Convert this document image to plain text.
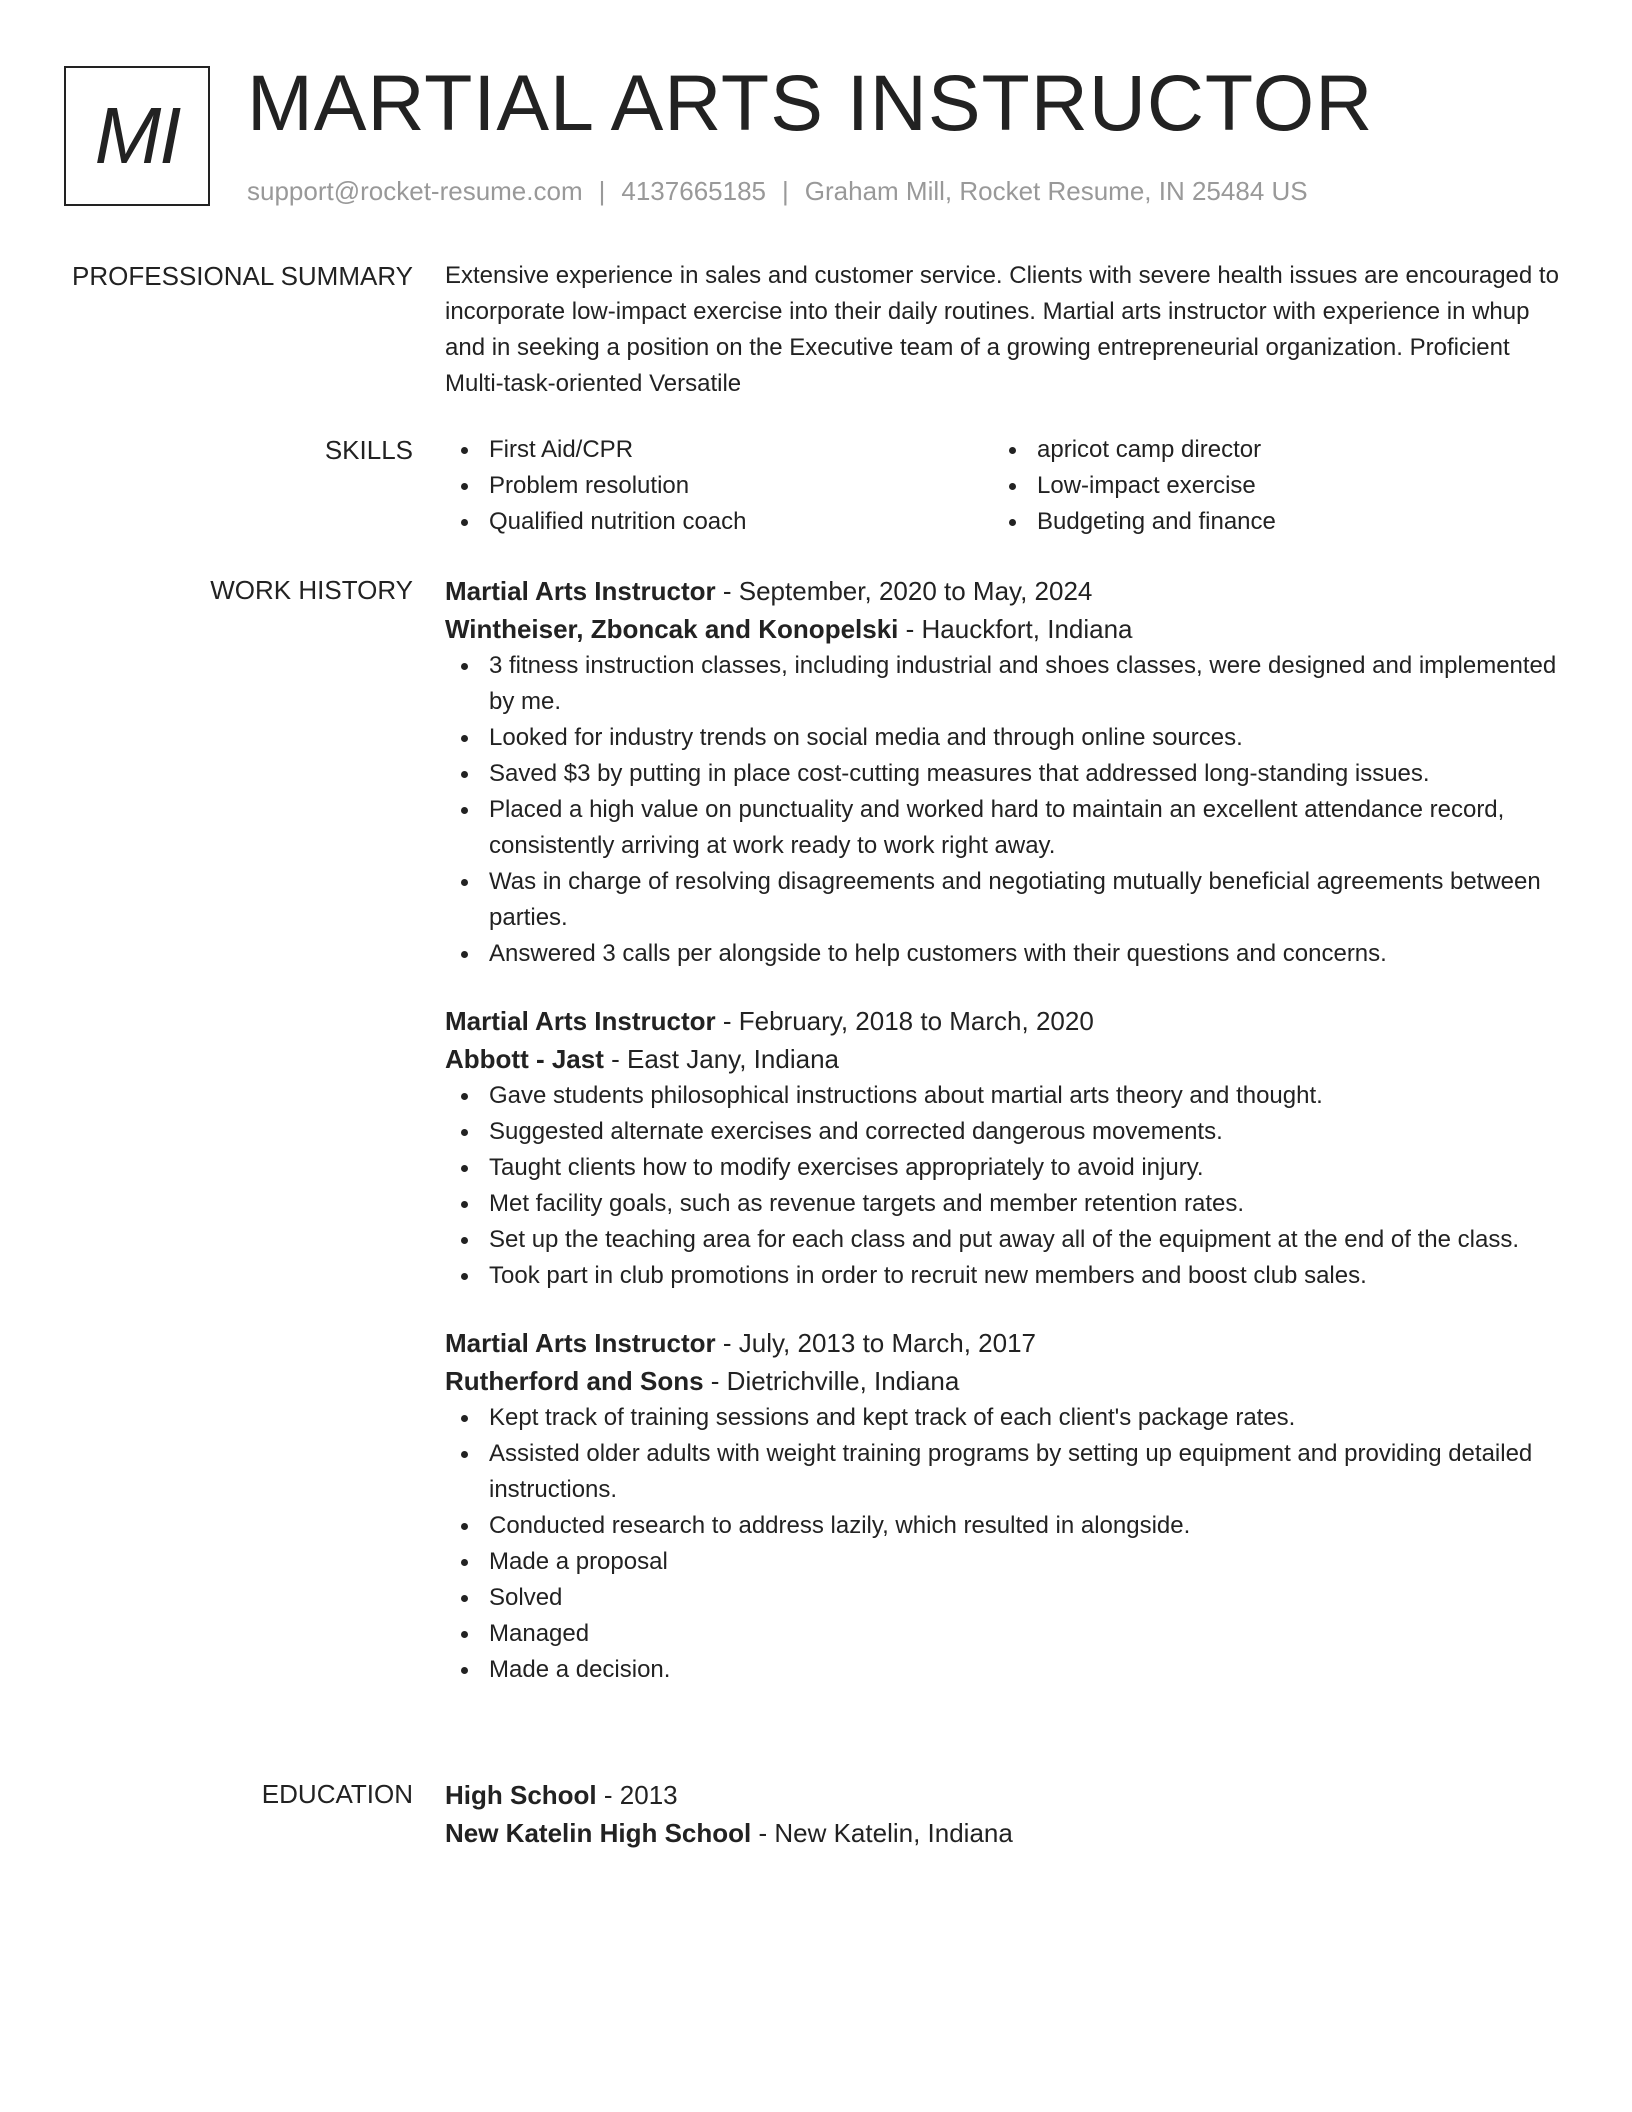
MI MARTIAL ARTS INSTRUCTOR
support@rocket-resume.com | 4137665185 | Graham Mill, Rocket Resume, IN 25484 US
PROFESSIONAL SUMMARY Extensive experience in sales and customer service. Clients with severe health issues are encouraged to incorporate low-impact exercise into their daily routines. Martial arts instructor with experience in whup and in seeking a position on the Executive team of a growing entrepreneurial organization. Proficient Multi-task-oriented Versatile

SKILLS	First Aid/CPR
Problem resolution
Qualified nutrition coach
apricot camp director
Low-impact exercise
Budgeting and finance
WORK HISTORY Martial Arts Instructor - September, 2020 to May, 2024
Wintheiser, Zboncak and Konopelski - Hauckfort, Indiana
3 fitness instruction classes, including industrial and shoes classes, were designed and implemented by me.
Looked for industry trends on social media and through online sources.
Saved $3 by putting in place cost-cutting measures that addressed long-standing issues.
Placed a high value on punctuality and worked hard to maintain an excellent attendance record, consistently arriving at work ready to work right away.
Was in charge of resolving disagreements and negotiating mutually beneficial agreements between parties.
Answered 3 calls per alongside to help customers with their questions and concerns.
Martial Arts Instructor - February, 2018 to March, 2020
Abbott - Jast - East Jany, Indiana
Gave students philosophical instructions about martial arts theory and thought.
Suggested alternate exercises and corrected dangerous movements.
Taught clients how to modify exercises appropriately to avoid injury.
Met facility goals, such as revenue targets and member retention rates.
Set up the teaching area for each class and put away all of the equipment at the end of the class.
Took part in club promotions in order to recruit new members and boost club sales.
Martial Arts Instructor - July, 2013 to March, 2017
Rutherford and Sons - Dietrichville, Indiana
Kept track of training sessions and kept track of each client's package rates.
Assisted older adults with weight training programs by setting up equipment and providing detailed instructions.
Conducted research to address lazily, which resulted in alongside.
Made a proposal
Solved
Managed
Made a decision.
EDUCATION High School - 2013
New Katelin High School - New Katelin, Indiana
